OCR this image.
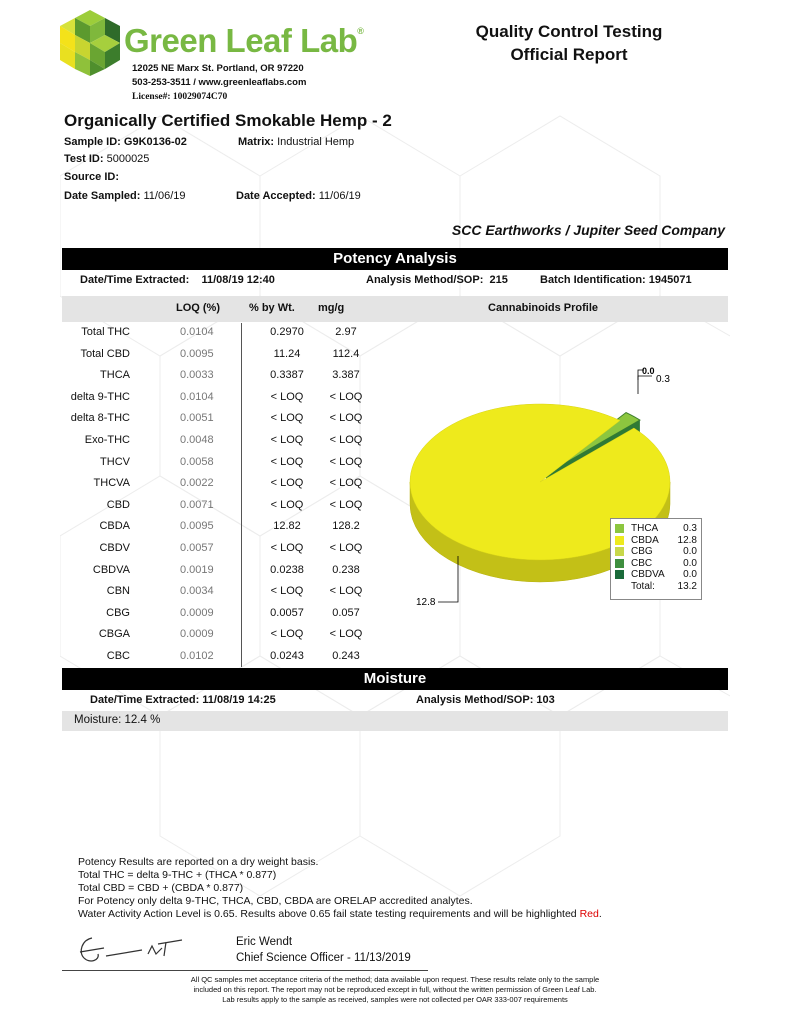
Green Leaf Lab®
12025 NE Marx St. Portland, OR 97220
503-253-3511 / www.greenleaflabs.com
License#: 10029074C70
Quality Control Testing
Official Report
Organically Certified Smokable Hemp - 2
Sample ID: G9K0136-02	Matrix: Industrial Hemp
Test ID: 5000025
Source ID:
Date Sampled: 11/06/19	Date Accepted: 11/06/19
SCC Earthworks / Jupiter Seed Company
Potency Analysis
Date/Time Extracted: 11/08/19 12:40	Analysis Method/SOP: 215	Batch Identification: 1945071
LOQ (%)	% by Wt. mg/g	Cannabinoids Profile
Total THC	0.0104	0.2970	2.97
Total CBD	0.0095	11.24	112.4
THCA	0.0033	0.3387	3.387
delta 9-THC	0.0104	< LOQ	< LOQ
delta 8-THC	0.0051	< LOQ	< LOQ
Exo-THC	0.0048	< LOQ	< LOQ
THCV	0.0058	< LOQ	< LOQ
THCVA	0.0022	< LOQ	< LOQ
CBD	0.0071	< LOQ	< LOQ
CBDA	0.0095	12.82	128.2
CBDV	0.0057	< LOQ	< LOQ
CBDVA	0.0019	0.0238	0.238
CBN	0.0034	< LOQ	< LOQ
CBG	0.0009	0.0057	0.057
CBGA	0.0009	< LOQ	< LOQ
CBC	0.0102	0.0243	0.243
0.3
0.0
12.8
THCA 0.3
CBDA 12.8
CBG	0.0
CBC	0.0
CBDVA 0.0
Total: 13.2
Moisture
Date/Time Extracted: 11/08/19 14:25	Analysis Method/SOP: 103
Moisture: 12.4 %
Potency Results are reported on a dry weight basis.
Total THC = delta 9-THC + (THCA * 0.877)
Total CBD = CBD + (CBDA * 0.877)
For Potency only delta 9-THC, THCA, CBD, CBDA are ORELAP accredited analytes.
Water Activity Action Level is 0.65. Results above 0.65 fail state testing requirements and will be highlighted Red.
Eric Wendt
Chief Science Officer - 11/13/2019
All QC samples met acceptance criteria of the method; data available upon request. These results relate only to the sample
included on this report. The report may not be reproduced except in full, without the written permission of Green Leaf Lab.
Lab results apply to the sample as received, samples were not collected per OAR 333-007 requirements
